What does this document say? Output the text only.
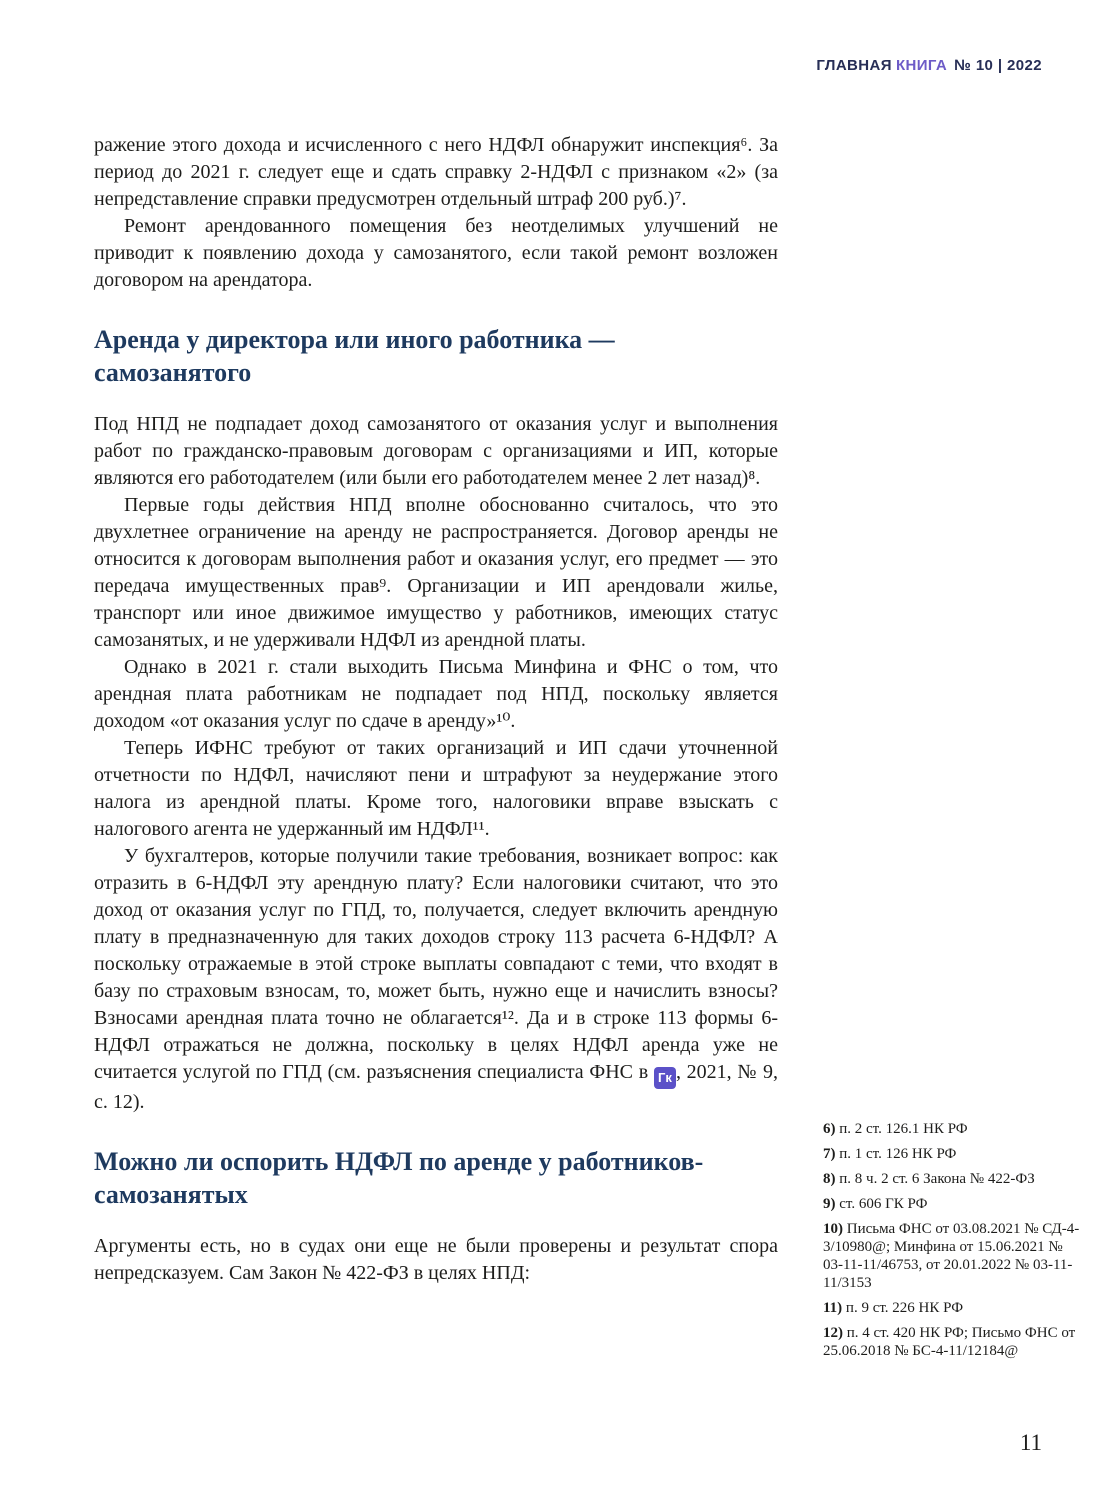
ГЛАВНАЯ КНИГА № 10 | 2022

ражение этого дохода и исчисленного с него НДФЛ обнаружит инспекция⁶. За период до 2021 г. следует еще и сдать справку 2-НДФЛ с признаком «2» (за непредставление справки предусмотрен отдельный штраф 200 руб.)⁷.

Ремонт арендованного помещения без неотделимых улучшений не приводит к появлению дохода у самозанятого, если такой ремонт возложен договором на арендатора.

Аренда у директора или иного работника — самозанятого

Под НПД не подпадает доход самозанятого от оказания услуг и выполнения работ по гражданско-правовым договорам с организациями и ИП, которые являются его работодателем (или были его работодателем менее 2 лет назад)⁸.

Первые годы действия НПД вполне обоснованно считалось, что это двухлетнее ограничение на аренду не распространяется. Договор аренды не относится к договорам выполнения работ и оказания услуг, его предмет — это передача имущественных прав⁹. Организации и ИП арендовали жилье, транспорт или иное движимое имущество у работников, имеющих статус самозанятых, и не удерживали НДФЛ из арендной платы.

Однако в 2021 г. стали выходить Письма Минфина и ФНС о том, что арендная плата работникам не подпадает под НПД, поскольку является доходом «от оказания услуг по сдаче в аренду»¹⁰.

Теперь ИФНС требуют от таких организаций и ИП сдачи уточненной отчетности по НДФЛ, начисляют пени и штрафуют за неудержание этого налога из арендной платы. Кроме того, налоговики вправе взыскать с налогового агента не удержанный им НДФЛ¹¹.

У бухгалтеров, которые получили такие требования, возникает вопрос: как отразить в 6-НДФЛ эту арендную плату? Если налоговики считают, что это доход от оказания услуг по ГПД, то, получается, следует включить арендную плату в предназначенную для таких доходов строку 113 расчета 6-НДФЛ? А поскольку отражаемые в этой строке выплаты совпадают с теми, что входят в базу по страховым взносам, то, может быть, нужно еще и начислить взносы? Взносами арендная плата точно не облагается¹². Да и в строке 113 формы 6-НДФЛ отражаться не должна, поскольку в целях НДФЛ аренда уже не считается услугой по ГПД (см. разъяснения специалиста ФНС в Гк , 2021, № 9, с. 12).

Можно ли оспорить НДФЛ по аренде у работников-самозанятых

Аргументы есть, но в судах они еще не были проверены и результат спора непредсказуем. Сам Закон № 422-ФЗ в целях НПД:

6) п. 2 ст. 126.1 НК РФ
7) п. 1 ст. 126 НК РФ
8) п. 8 ч. 2 ст. 6 Закона № 422-ФЗ
9) ст. 606 ГК РФ
10) Письма ФНС от 03.08.2021 № СД-4-3/10980@; Минфина от 15.06.2021 № 03-11-11/46753, от 20.01.2022 № 03-11-11/3153
11) п. 9 ст. 226 НК РФ
12) п. 4 ст. 420 НК РФ; Письмо ФНС от 25.06.2018 № БС-4-11/12184@
11
